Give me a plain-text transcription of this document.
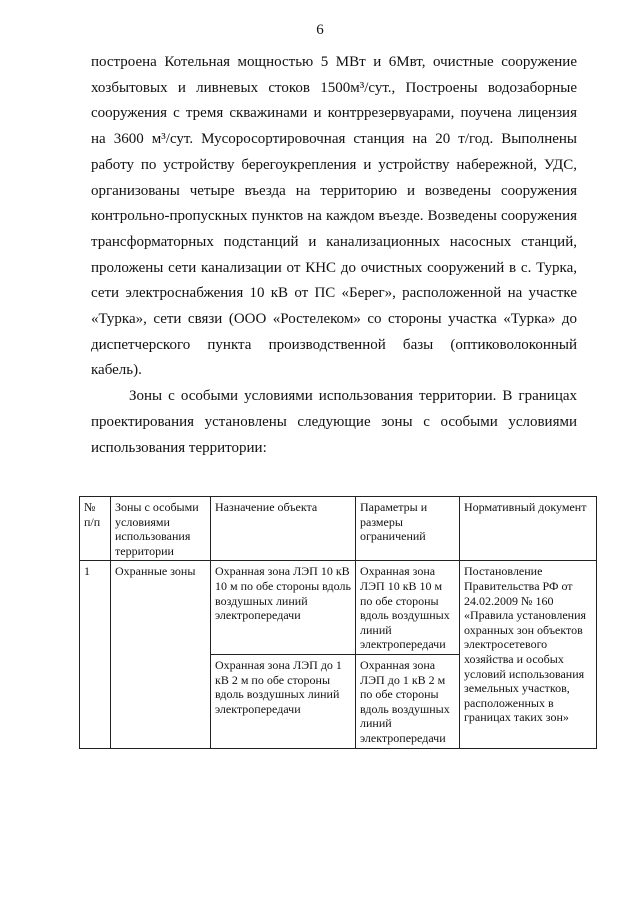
6

построена Котельная мощностью 5 МВт и 6Мвт, очистные сооружение хозбытовых и ливневых стоков 1500м³/сут., Построены водозаборные сооружения с тремя скважинами и контррезервуарами, поучена лицензия на 3600 м³/сут. Мусоросортировочная станция на 20 т/год. Выполнены работу по устройству берегоукрепления и устройству набережной, УДС, организованы четыре въезда на территорию и возведены сооружения контрольно-пропускных пунктов на каждом въезде. Возведены сооружения трансформаторных подстанций и канализационных насосных станций, проложены сети канализации от КНС до очистных сооружений в с. Турка, сети электроснабжения 10 кВ от ПС «Берег», расположенной на участке «Турка», сети связи (ООО «Ростелеком» со стороны участка «Турка» до диспетчерского пункта производственной базы (оптиковолоконный кабель).

Зоны с особыми условиями использования территории. В границах проектирования установлены следующие зоны с особыми условиями использования территории:

№ п/п	Зоны с особыми условиями использования территории	Назначение объекта	Параметры и размеры ограничений	Нормативный документ
1	Охранные зоны	Охранная зона ЛЭП 10 кВ 10 м по обе стороны вдоль воздушных линий электропередачи	Охранная зона ЛЭП 10 кВ 10 м по обе стороны вдоль воздушных линий электропередачи	Постановление Правительства РФ от 24.02.2009 № 160 «Правила установления охранных зон объектов электросетевого хозяйства и особых условий использования земельных участков, расположенных в границах таких зон»
		Охранная зона ЛЭП до 1 кВ 2 м по обе стороны вдоль воздушных линий электропередачи	Охранная зона ЛЭП до 1 кВ 2 м по обе стороны вдоль воздушных линий электропередачи	
